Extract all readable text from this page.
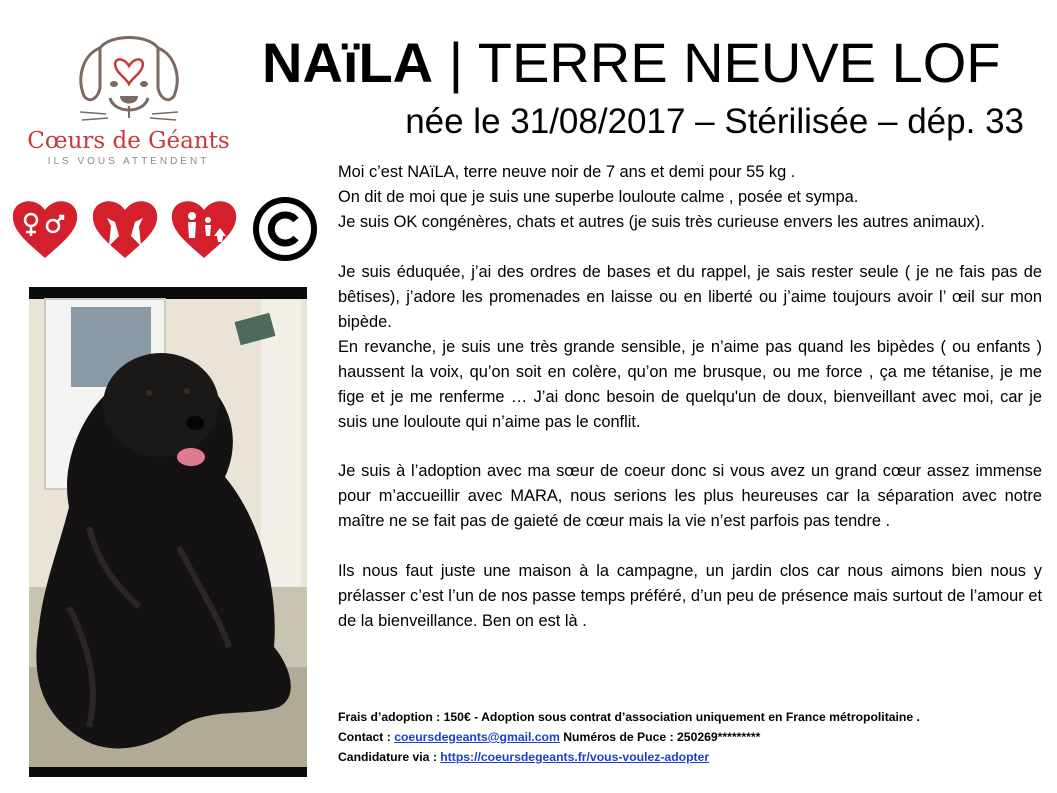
Cœurs de Géants
ILS VOUS ATTENDENT
NAïLA | TERRE NEUVE LOF
née le 31/08/2017 – Stérilisée – dép. 33

Moi c’est NAïLA, terre neuve noir de 7 ans et demi pour 55 kg .
On dit de moi que je suis une superbe louloute calme , posée et sympa.
Je suis OK congénères, chats et autres (je suis très curieuse envers les autres animaux).

Je suis éduquée, j’ai des ordres de bases et du rappel, je sais rester seule ( je ne fais pas de bêtises), j’adore les promenades en laisse ou en liberté ou j’aime toujours avoir l’ œil sur mon bipède.
En revanche, je suis une très grande sensible, je n’aime pas quand les bipèdes ( ou enfants ) haussent la voix, qu’on soit en colère, qu’on me brusque, ou me force , ça me tétanise, je me fige et je me renferme … J’ai donc besoin de quelqu'un de doux, bienveillant avec moi, car je suis une louloute qui n’aime pas le conflit.

Je suis à l’adoption avec ma sœur de coeur donc si vous avez un grand cœur assez immense pour m’accueillir avec MARA, nous serions les plus heureuses car la séparation avec notre maître ne se fait pas de gaieté de cœur mais la vie n’est parfois pas tendre .

Ils nous faut juste une maison à la campagne, un jardin clos car nous aimons bien nous y prélasser c’est l’un de nos passe temps préféré, d’un peu de présence mais surtout de l’amour et de la bienveillance. Ben on est là .

Frais d’adoption : 150€ - Adoption sous contrat d’association uniquement en France métropolitaine .
Contact : coeursdegeants@gmail.com Numéros de Puce : 250269*********
Candidature via : https://coeursdegeants.fr/vous-voulez-adopter
